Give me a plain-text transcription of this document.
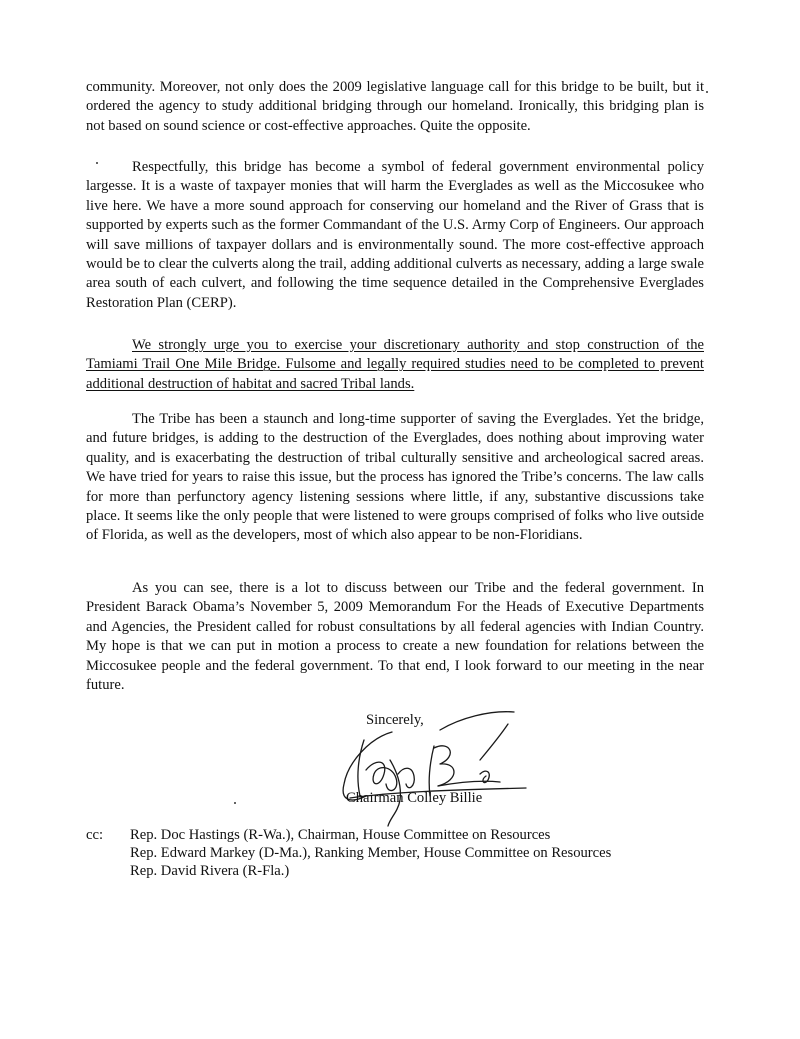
community. Moreover, not only does the 2009 legislative language call for this bridge to be built, but it ordered the agency to study additional bridging through our homeland. Ironically, this bridging plan is not based on sound science or cost-effective approaches. Quite the opposite.

Respectfully, this bridge has become a symbol of federal government environmental policy largesse. It is a waste of taxpayer monies that will harm the Everglades as well as the Miccosukee who live here. We have a more sound approach for conserving our homeland and the River of Grass that is supported by experts such as the former Commandant of the U.S. Army Corp of Engineers. Our approach will save millions of taxpayer dollars and is environmentally sound. The more cost-effective approach would be to clear the culverts along the trail, adding additional culverts as necessary, adding a large swale area south of each culvert, and following the time sequence detailed in the Comprehensive Everglades Restoration Plan (CERP).

We strongly urge you to exercise your discretionary authority and stop construction of the Tamiami Trail One Mile Bridge. Fulsome and legally required studies need to be completed to prevent additional destruction of habitat and sacred Tribal lands.

The Tribe has been a staunch and long-time supporter of saving the Everglades. Yet the bridge, and future bridges, is adding to the destruction of the Everglades, does nothing about improving water quality, and is exacerbating the destruction of tribal culturally sensitive and archeological sacred areas. We have tried for years to raise this issue, but the process has ignored the Tribe’s concerns. The law calls for more than perfunctory agency listening sessions where little, if any, substantive discussions take place. It seems like the only people that were listened to were groups comprised of folks who live outside of Florida, as well as the developers, most of which also appear to be non-Floridians.

As you can see, there is a lot to discuss between our Tribe and the federal government. In President Barack Obama’s November 5, 2009 Memorandum For the Heads of Executive Departments and Agencies, the President called for robust consultations by all federal agencies with Indian Country. My hope is that we can put in motion a process to create a new foundation for relations between the Miccosukee people and the federal government. To that end, I look forward to our meeting in the near future.

Sincerely,
Chairman Colley Billie
cc: Rep. Doc Hastings (R-Wa.), Chairman, House Committee on Resources
Rep. Edward Markey (D-Ma.), Ranking Member, House Committee on Resources
Rep. David Rivera (R-Fla.)
